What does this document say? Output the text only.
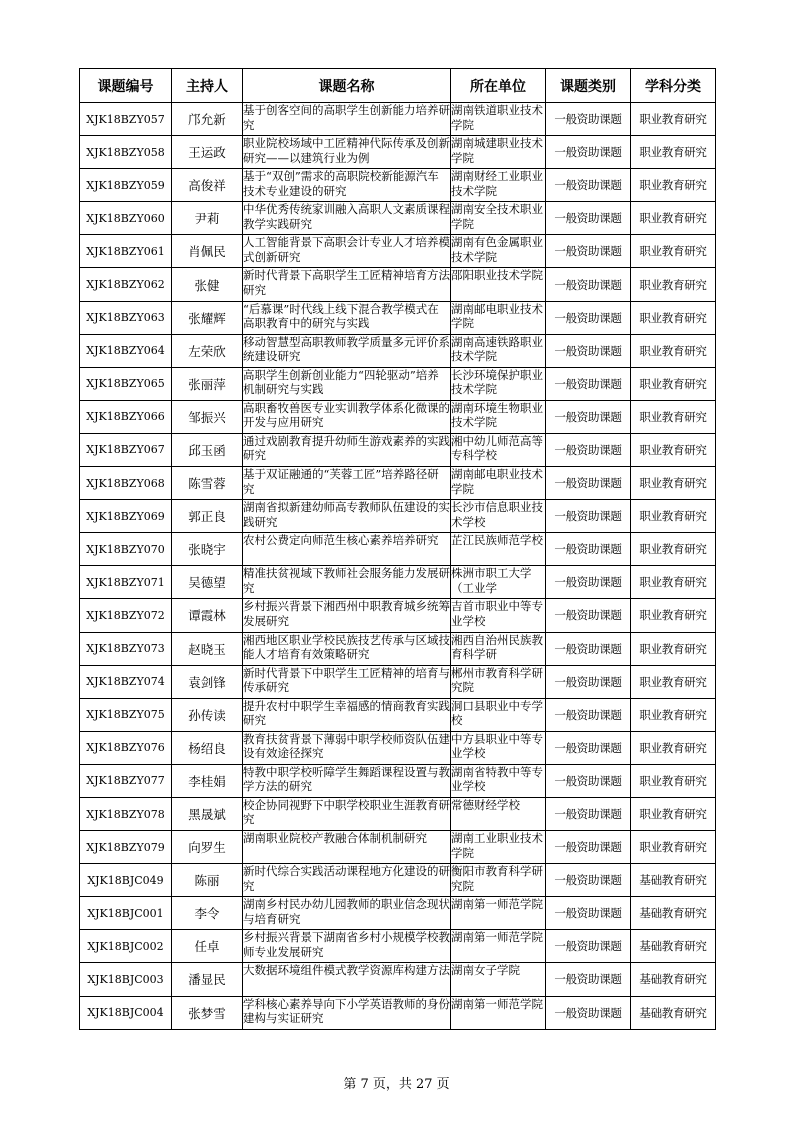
课题编号	主持人	课题名称	所在单位	课题类别	学科分类
XJK18BZY057	邝允新	基于创客空间的高职学生创新能力培养研究	湖南铁道职业技术学院	一般资助课题	职业教育研究
XJK18BZY058	王运政	职业院校场域中工匠精神代际传承及创新研究——以建筑行业为例	湖南城建职业技术学院	一般资助课题	职业教育研究
XJK18BZY059	高俊祥	基于“双创”需求的高职院校新能源汽车技术专业建设的研究	湖南财经工业职业技术学院	一般资助课题	职业教育研究
XJK18BZY060	尹莉	中华优秀传统家训融入高职人文素质课程教学实践研究	湖南安全技术职业学院	一般资助课题	职业教育研究
XJK18BZY061	肖佩民	人工智能背景下高职会计专业人才培养模式创新研究	湖南有色金属职业技术学院	一般资助课题	职业教育研究
XJK18BZY062	张健	新时代背景下高职学生工匠精神培育方法研究	邵阳职业技术学院	一般资助课题	职业教育研究
XJK18BZY063	张耀辉	“后慕课”时代线上线下混合教学模式在高职教育中的研究与实践	湖南邮电职业技术学院	一般资助课题	职业教育研究
XJK18BZY064	左荣欣	移动智慧型高职教师教学质量多元评价系统建设研究	湖南高速铁路职业技术学院	一般资助课题	职业教育研究
XJK18BZY065	张丽萍	高职学生创新创业能力“四轮驱动”培养机制研究与实践	长沙环境保护职业技术学院	一般资助课题	职业教育研究
XJK18BZY066	邹振兴	高职畜牧兽医专业实训教学体系化微课的开发与应用研究	湖南环境生物职业技术学院	一般资助课题	职业教育研究
XJK18BZY067	邱玉函	通过戏剧教育提升幼师生游戏素养的实践研究	湘中幼儿师范高等专科学校	一般资助课题	职业教育研究
XJK18BZY068	陈雪蓉	基于双证融通的“芙蓉工匠”培养路径研究	湖南邮电职业技术学院	一般资助课题	职业教育研究
XJK18BZY069	郭正良	湖南省拟新建幼师高专教师队伍建设的实践研究	长沙市信息职业技术学校	一般资助课题	职业教育研究
XJK18BZY070	张晓宇	农村公费定向师范生核心素养培养研究	芷江民族师范学校	一般资助课题	职业教育研究
XJK18BZY071	吴德望	精准扶贫视域下教师社会服务能力发展研究	株洲市职工大学（工业学	一般资助课题	职业教育研究
XJK18BZY072	谭霞林	乡村振兴背景下湘西州中职教育城乡统筹发展研究	吉首市职业中等专业学校	一般资助课题	职业教育研究
XJK18BZY073	赵晓玉	湘西地区职业学校民族技艺传承与区域技能人才培育有效策略研究	湘西自治州民族教育科学研	一般资助课题	职业教育研究
XJK18BZY074	袁剑锋	新时代背景下中职学生工匠精神的培育与传承研究	郴州市教育科学研究院	一般资助课题	职业教育研究
XJK18BZY075	孙传读	提升农村中职学生幸福感的情商教育实践研究	洞口县职业中专学校	一般资助课题	职业教育研究
XJK18BZY076	杨绍良	教育扶贫背景下薄弱中职学校师资队伍建设有效途径探究	中方县职业中等专业学校	一般资助课题	职业教育研究
XJK18BZY077	李桂娟	特教中职学校听障学生舞蹈课程设置与教学方法的研究	湖南省特教中等专业学校	一般资助课题	职业教育研究
XJK18BZY078	黑晟斌	校企协同视野下中职学校职业生涯教育研究	常德财经学校	一般资助课题	职业教育研究
XJK18BZY079	向罗生	湖南职业院校产教融合体制机制研究	湖南工业职业技术学院	一般资助课题	职业教育研究
XJK18BJC049	陈丽	新时代综合实践活动课程地方化建设的研究	衡阳市教育科学研究院	一般资助课题	基础教育研究
XJK18BJC001	李令	湖南乡村民办幼儿园教师的职业信念现状与培育研究	湖南第一师范学院	一般资助课题	基础教育研究
XJK18BJC002	任卓	乡村振兴背景下湖南省乡村小规模学校教师专业发展研究	湖南第一师范学院	一般资助课题	基础教育研究
XJK18BJC003	潘显民	大数据环境组件模式教学资源库构建方法	湖南女子学院	一般资助课题	基础教育研究
XJK18BJC004	张梦雪	学科核心素养导向下小学英语教师的身份建构与实证研究	湖南第一师范学院	一般资助课题	基础教育研究
第 7 页，共 27 页
